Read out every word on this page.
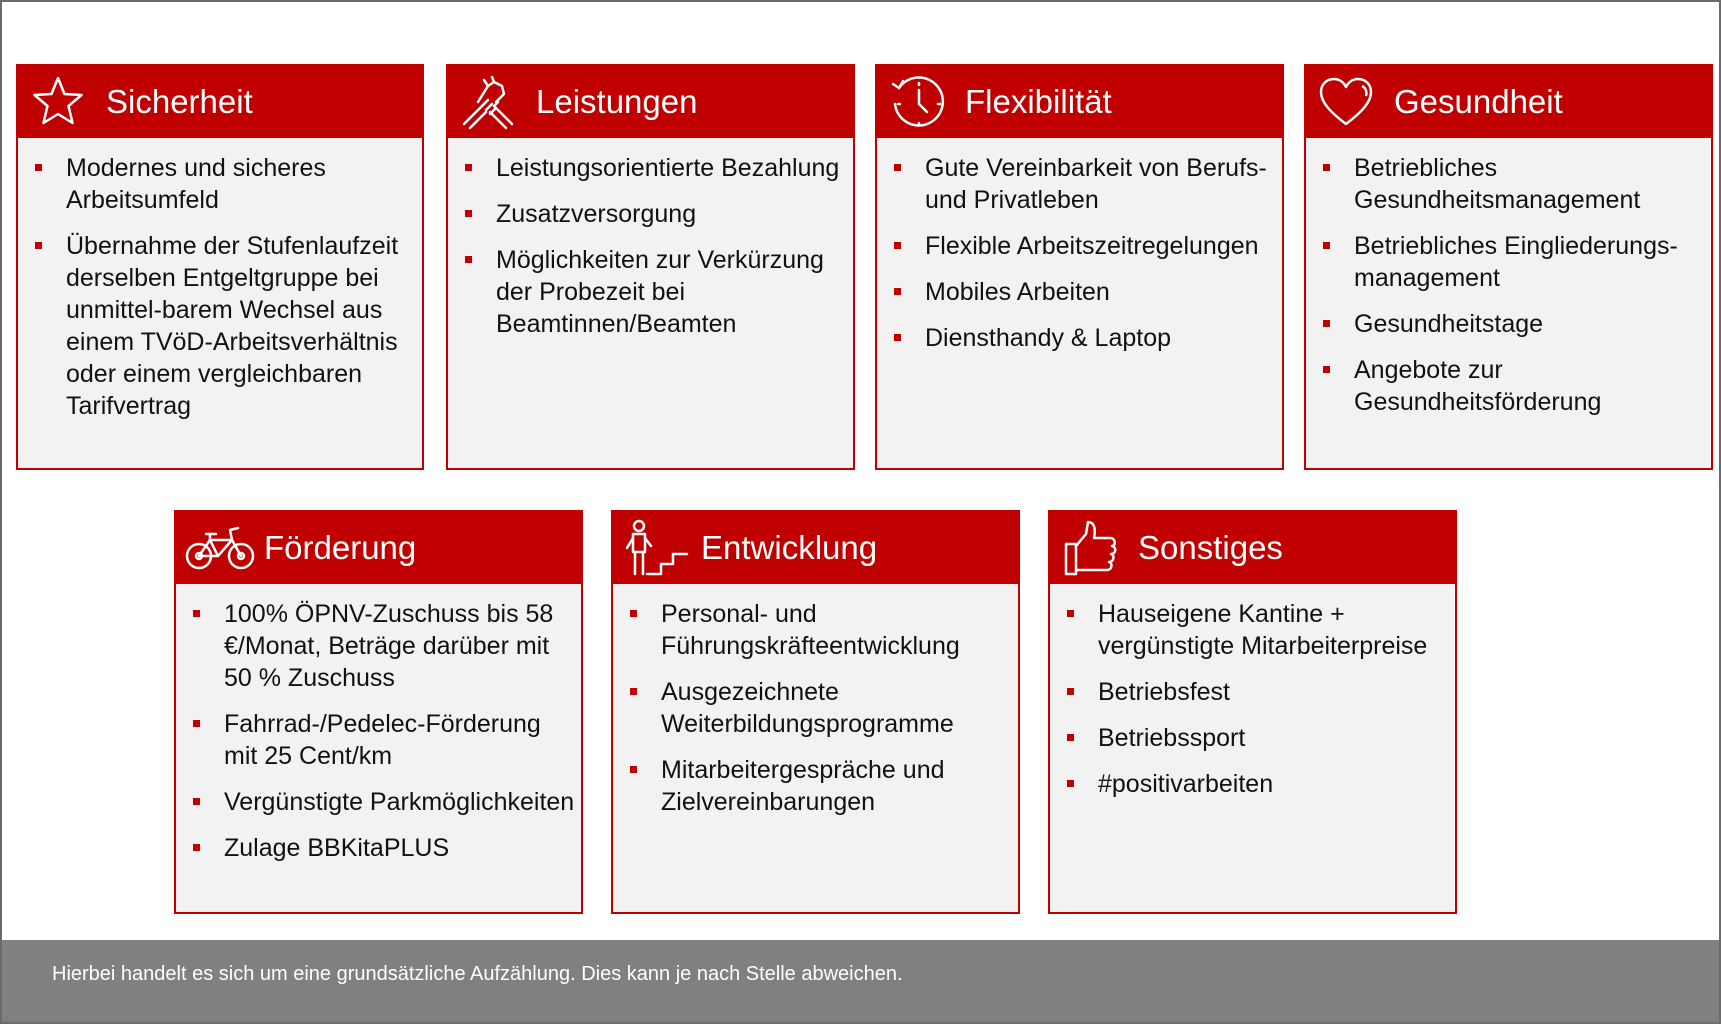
Sicherheit
Modernes und sicheres Arbeitsumfeld
Übernahme der Stufenlaufzeit derselben Entgeltgruppe bei unmittel-barem Wechsel aus einem TVöD-Arbeitsverhältnis oder einem vergleichbaren Tarifvertrag
Leistungen
Leistungsorientierte Bezahlung
Zusatzversorgung
Möglichkeiten zur Verkürzung der Probezeit bei Beamtinnen/Beamten
Flexibilität
Gute Vereinbarkeit von Berufs- und Privatleben
Flexible Arbeitszeitregelungen
Mobiles Arbeiten
Diensthandy & Laptop
Gesundheit
Betriebliches Gesundheitsmanagement
Betriebliches Eingliederungs-management
Gesundheitstage
Angebote zur Gesundheitsförderung
Förderung
100% ÖPNV-Zuschuss bis 58 €/Monat, Beträge darüber mit 50 % Zuschuss
Fahrrad-/Pedelec-Förderung mit 25 Cent/km
Vergünstigte Parkmöglichkeiten
Zulage BBKitaPLUS
Entwicklung
Personal- und Führungskräfteentwicklung
Ausgezeichnete Weiterbildungsprogramme
Mitarbeitergespräche und Zielvereinbarungen
Sonstiges
Hauseigene Kantine + vergünstigte Mitarbeiterpreise
Betriebsfest
Betriebssport
#positivarbeiten
Hierbei handelt es sich um eine grundsätzliche Aufzählung. Dies kann je nach Stelle abweichen.
